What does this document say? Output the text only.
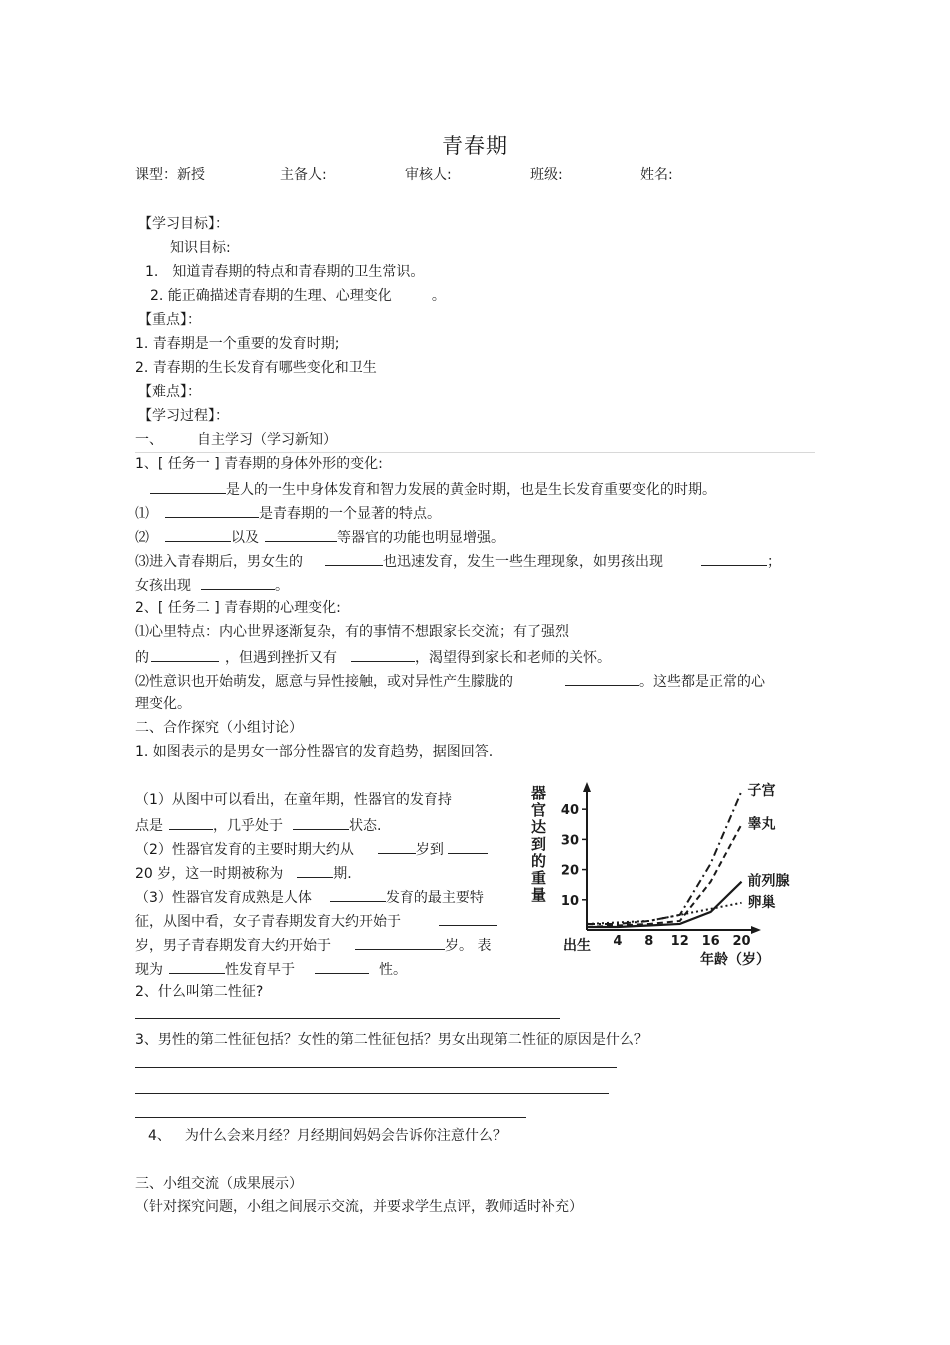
青春期
课型：新授	主备人:	审核人:	班级:	姓名:
【学习目标】：
知识目标:
1.　知道青春期的特点和青春期的卫生常识。
2. 能正确描述青春期的生理、心理变化	。
【重点】：
1. 青春期是一个重要的发育时期;
2. 青春期的生长发育有哪些变化和卫生
【难点】：
【学习过程】：
一、 自主学习（学习新知）
1、[ 任务一 ] 青春期的身体外形的变化:
是人的一生中身体发育和智力发展的黄金时期，也是生长发育重要变化的时期。
⑴	是青春期的一个显著的特点。
⑵	以及	等器官的功能也明显增强。
⑶进入青春期后，男女生的	也迅速发育，发生一些生理现象，如男孩出现	；
女孩出现	。
2、[ 任务二 ] 青春期的心理变化:
⑴心里特点：内心世界逐渐复杂，有的事情不想跟家长交流；有了强烈
的	，但遇到挫折又有	，渴望得到家长和老师的关怀。
⑵性意识也开始萌发，愿意与异性接触，或对异性产生朦胧的	。这些都是正常的心
理变化。
二、合作探究（小组讨论）
1. 如图表示的是男女一部分性器官的发育趋势，据图回答.
（1）从图中可以看出，在童年期，性器官的发育持
点是	，几乎处于	状态.
（2）性器官发育的主要时期大约从	岁到
20 岁，这一时期被称为	期.
（3）性器官发育成熟是人体	发育的最主要特
征，从图中看，女子青春期发育大约开始于
岁，男子青春期发育大约开始于	岁。 表
现为	性发育早于	性。
器
官
达
到
的
重
量 10
20
30
40
4 8 12 16 20
子宫
睾丸
前列腺
卵巢
出生
年龄（岁）
2、什么叫第二性征?
3、男性的第二性征包括？女性的第二性征包括？男女出现第二性征的原因是什么？
4、 为什么会来月经？月经期间妈妈会告诉你注意什么？
三、小组交流（成果展示）
（针对探究问题，小组之间展示交流，并要求学生点评，教师适时补充）
